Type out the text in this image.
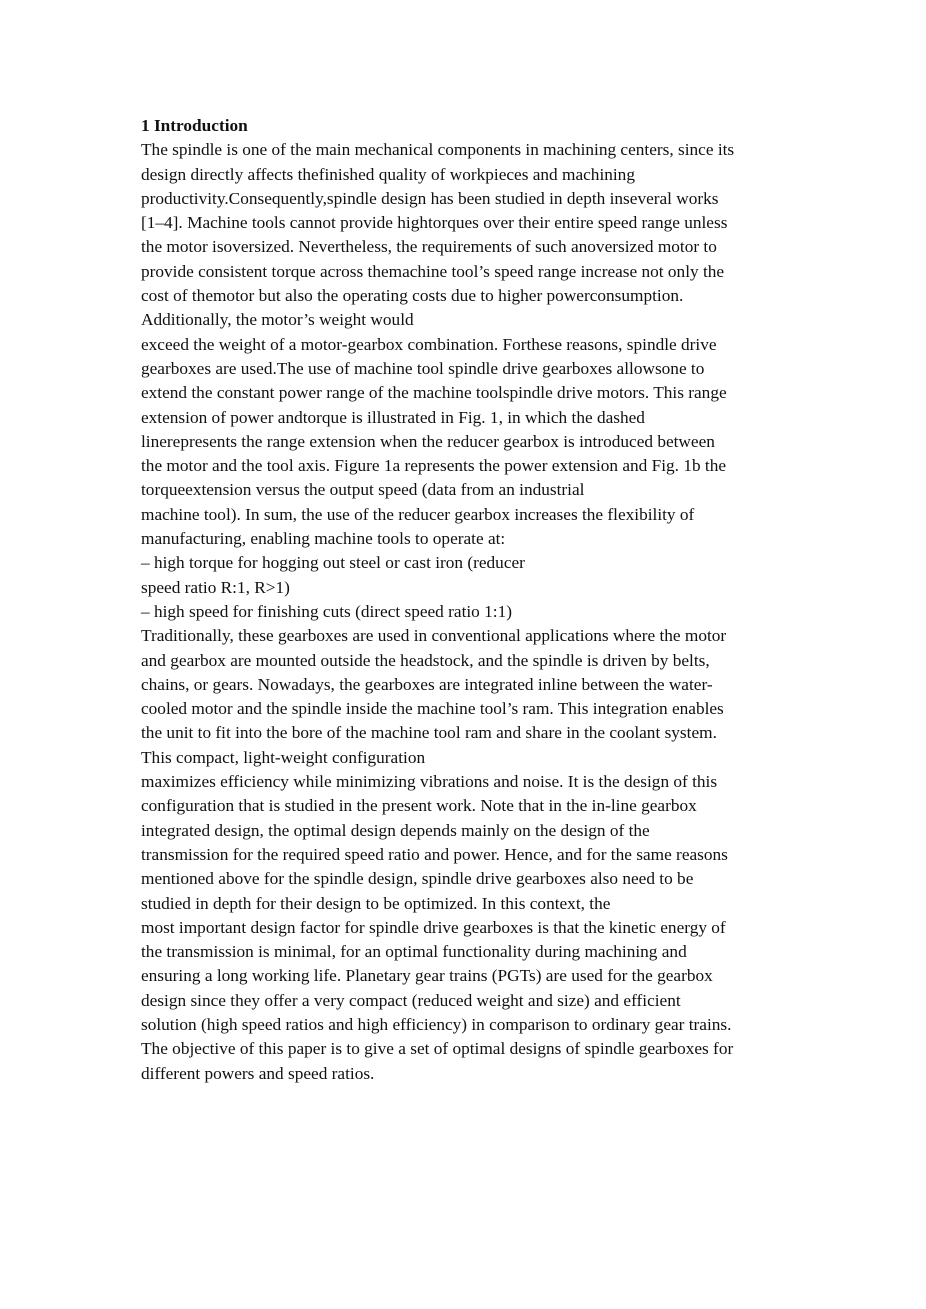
1 Introduction
The spindle is one of the main mechanical components in machining centers, since its
design directly affects thefinished quality of workpieces and machining
productivity.Consequently,spindle design has been studied in depth inseveral works
[1–4]. Machine tools cannot provide hightorques over their entire speed range unless
the motor isoversized. Nevertheless, the requirements of such anoversized motor to
provide consistent torque across themachine tool’s speed range increase not only the
cost of themotor but also the operating costs due to higher powerconsumption.
Additionally, the motor’s weight would
exceed the weight of a motor-gearbox combination. Forthese reasons, spindle drive
gearboxes are used.The use of machine tool spindle drive gearboxes allowsone to
extend the constant power range of the machine toolspindle drive motors. This range
extension of power andtorque is illustrated in Fig. 1, in which the dashed
linerepresents the range extension when the reducer gearbox is introduced between
the motor and the tool axis. Figure 1a represents the power extension and Fig. 1b the
torqueextension versus the output speed (data from an industrial
machine tool). In sum, the use of the reducer gearbox increases the flexibility of
manufacturing, enabling machine tools to operate at:
– high torque for hogging out steel or cast iron (reducer
speed ratio R:1, R>1)
– high speed for finishing cuts (direct speed ratio 1:1)
Traditionally, these gearboxes are used in conventional applications where the motor
and gearbox are mounted outside the headstock, and the spindle is driven by belts,
chains, or gears. Nowadays, the gearboxes are integrated inline between the water-
cooled motor and the spindle inside the machine tool’s ram. This integration enables
the unit to fit into the bore of the machine tool ram and share in the coolant system.
This compact, light-weight configuration
maximizes efficiency while minimizing vibrations and noise. It is the design of this
configuration that is studied in the present work. Note that in the in-line gearbox
integrated design, the optimal design depends mainly on the design of the
transmission for the required speed ratio and power. Hence, and for the same reasons
mentioned above for the spindle design, spindle drive gearboxes also need to be
studied in depth for their design to be optimized. In this context, the
most important design factor for spindle drive gearboxes is that the kinetic energy of
the transmission is minimal, for an optimal functionality during machining and
ensuring a long working life. Planetary gear trains (PGTs) are used for the gearbox
design since they offer a very compact (reduced weight and size) and efficient
solution (high speed ratios and high efficiency) in comparison to ordinary gear trains.
The objective of this paper is to give a set of optimal designs of spindle gearboxes for
different powers and speed ratios.
